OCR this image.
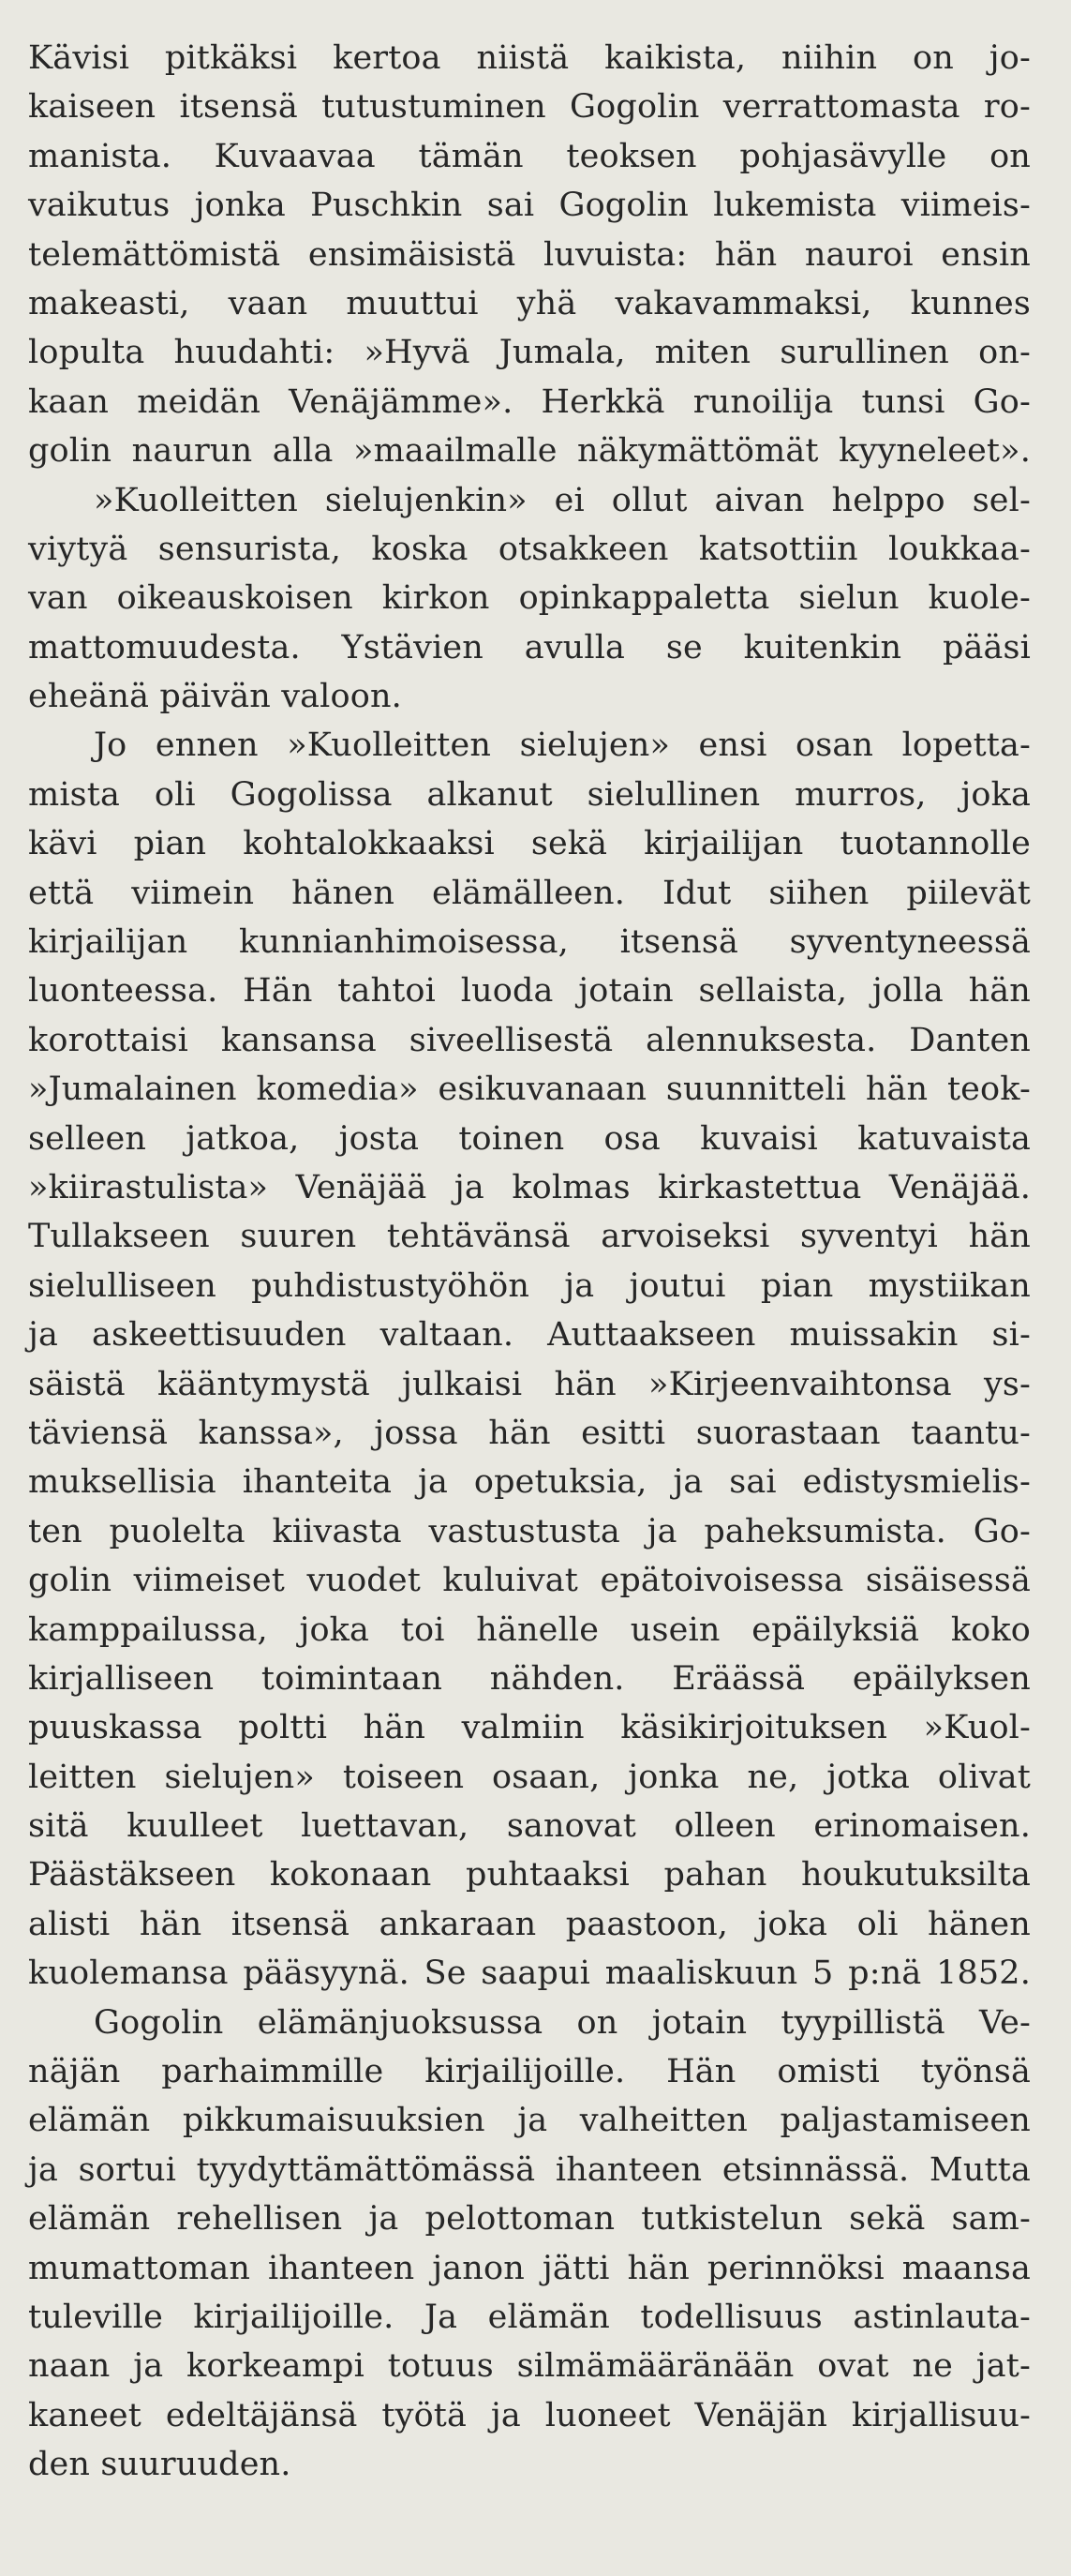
Kävisi pitkäksi kertoa niistä kaikista, niihin on jo-
kaiseen itsensä tutustuminen Gogolin verrattomasta ro-
manista. Kuvaavaa tämän teoksen pohjasävylle on
vaikutus jonka Puschkin sai Gogolin lukemista viimeis-
telemättömistä ensimäisistä luvuista: hän nauroi ensin
makeasti, vaan muuttui yhä vakavammaksi, kunnes
lopulta huudahti: »Hyvä Jumala, miten surullinen on-
kaan meidän Venäjämme». Herkkä runoilija tunsi Go-
golin naurun alla »maailmalle näkymättömät kyyneleet».
»Kuolleitten sielujenkin» ei ollut aivan helppo sel-
viytyä sensurista, koska otsakkeen katsottiin loukkaa-
van oikeauskoisen kirkon opinkappaletta sielun kuole-
mattomuudesta. Ystävien avulla se kuitenkin pääsi
eheänä päivän valoon.
Jo ennen »Kuolleitten sielujen» ensi osan lopetta-
mista oli Gogolissa alkanut sielullinen murros, joka
kävi pian kohtalokkaaksi sekä kirjailijan tuotannolle
että viimein hänen elämälleen. Idut siihen piilevät
kirjailijan kunnianhimoisessa, itsensä syventyneessä
luonteessa. Hän tahtoi luoda jotain sellaista, jolla hän
korottaisi kansansa siveellisestä alennuksesta. Danten
»Jumalainen komedia» esikuvanaan suunnitteli hän teok-
selleen jatkoa, josta toinen osa kuvaisi katuvaista
»kiirastulista» Venäjää ja kolmas kirkastettua Venäjää.
Tullakseen suuren tehtävänsä arvoiseksi syventyi hän
sielulliseen puhdistustyöhön ja joutui pian mystiikan
ja askeettisuuden valtaan. Auttaakseen muissakin si-
säistä kääntymystä julkaisi hän »Kirjeenvaihtonsa ys-
täviensä kanssa», jossa hän esitti suorastaan taantu-
muksellisia ihanteita ja opetuksia, ja sai edistysmielis-
ten puolelta kiivasta vastustusta ja paheksumista. Go-
golin viimeiset vuodet kuluivat epätoivoisessa sisäisessä
kamppailussa, joka toi hänelle usein epäilyksiä koko
kirjalliseen toimintaan nähden. Eräässä epäilyksen
puuskassa poltti hän valmiin käsikirjoituksen »Kuol-
leitten sielujen» toiseen osaan, jonka ne, jotka olivat
sitä kuulleet luettavan, sanovat olleen erinomaisen.
Päästäkseen kokonaan puhtaaksi pahan houkutuksilta
alisti hän itsensä ankaraan paastoon, joka oli hänen
kuolemansa pääsyynä. Se saapui maaliskuun 5 p:nä 1852.
Gogolin elämänjuoksussa on jotain tyypillistä Ve-
näjän parhaimmille kirjailijoille. Hän omisti työnsä
elämän pikkumaisuuksien ja valheitten paljastamiseen
ja sortui tyydyttämättömässä ihanteen etsinnässä. Mutta
elämän rehellisen ja pelottoman tutkistelun sekä sam-
mumattoman ihanteen janon jätti hän perinnöksi maansa
tuleville kirjailijoille. Ja elämän todellisuus astinlauta-
naan ja korkeampi totuus silmämääränään ovat ne jat-
kaneet edeltäjänsä työtä ja luoneet Venäjän kirjallisuu-
den suuruuden.
